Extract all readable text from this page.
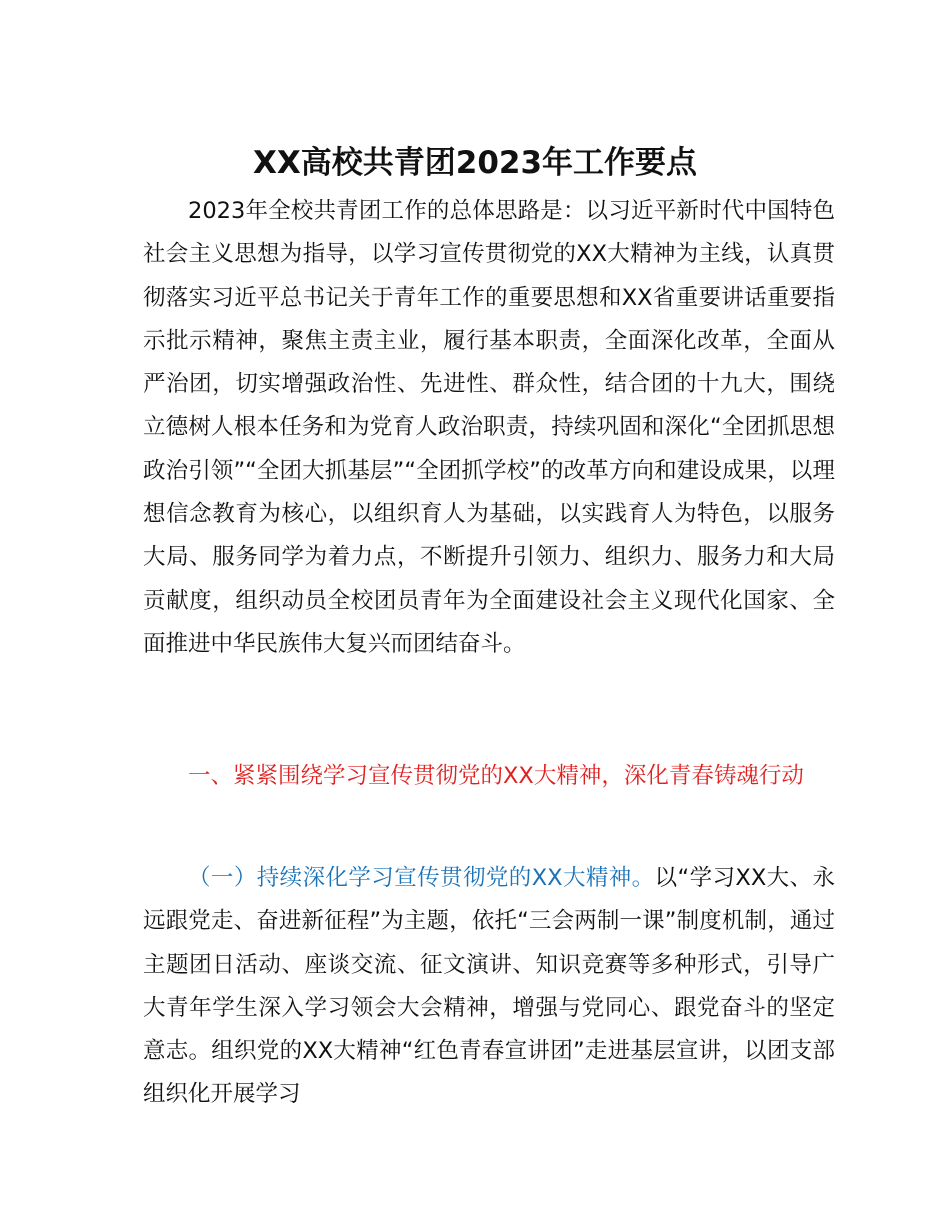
XX高校共青团2023年工作要点

2023年全校共青团工作的总体思路是：以习近平新时代中国特色社会主义思想为指导，以学习宣传贯彻党的XX大精神为主线，认真贯彻落实习近平总书记关于青年工作的重要思想和XX省重要讲话重要指示批示精神，聚焦主责主业，履行基本职责，全面深化改革，全面从严治团，切实增强政治性、先进性、群众性，结合团的十九大，围绕立德树人根本任务和为党育人政治职责，持续巩固和深化“全团抓思想政治引领”“全团大抓基层”“全团抓学校”的改革方向和建设成果，以理想信念教育为核心，以组织育人为基础，以实践育人为特色，以服务大局、服务同学为着力点，不断提升引领力、组织力、服务力和大局贡献度，组织动员全校团员青年为全面建设社会主义现代化国家、全面推进中华民族伟大复兴而团结奋斗。

一、紧紧围绕学习宣传贯彻党的XX大精神，深化青春铸魂行动

（一）持续深化学习宣传贯彻党的XX大精神。以“学习XX大、永远跟党走、奋进新征程”为主题，依托“三会两制一课”制度机制，通过主题团日活动、座谈交流、征文演讲、知识竞赛等多种形式，引导广大青年学生深入学习领会大会精神，增强与党同心、跟党奋斗的坚定意志。组织党的XX大精神“红色青春宣讲团”走进基层宣讲，以团支部组织化开展学习
